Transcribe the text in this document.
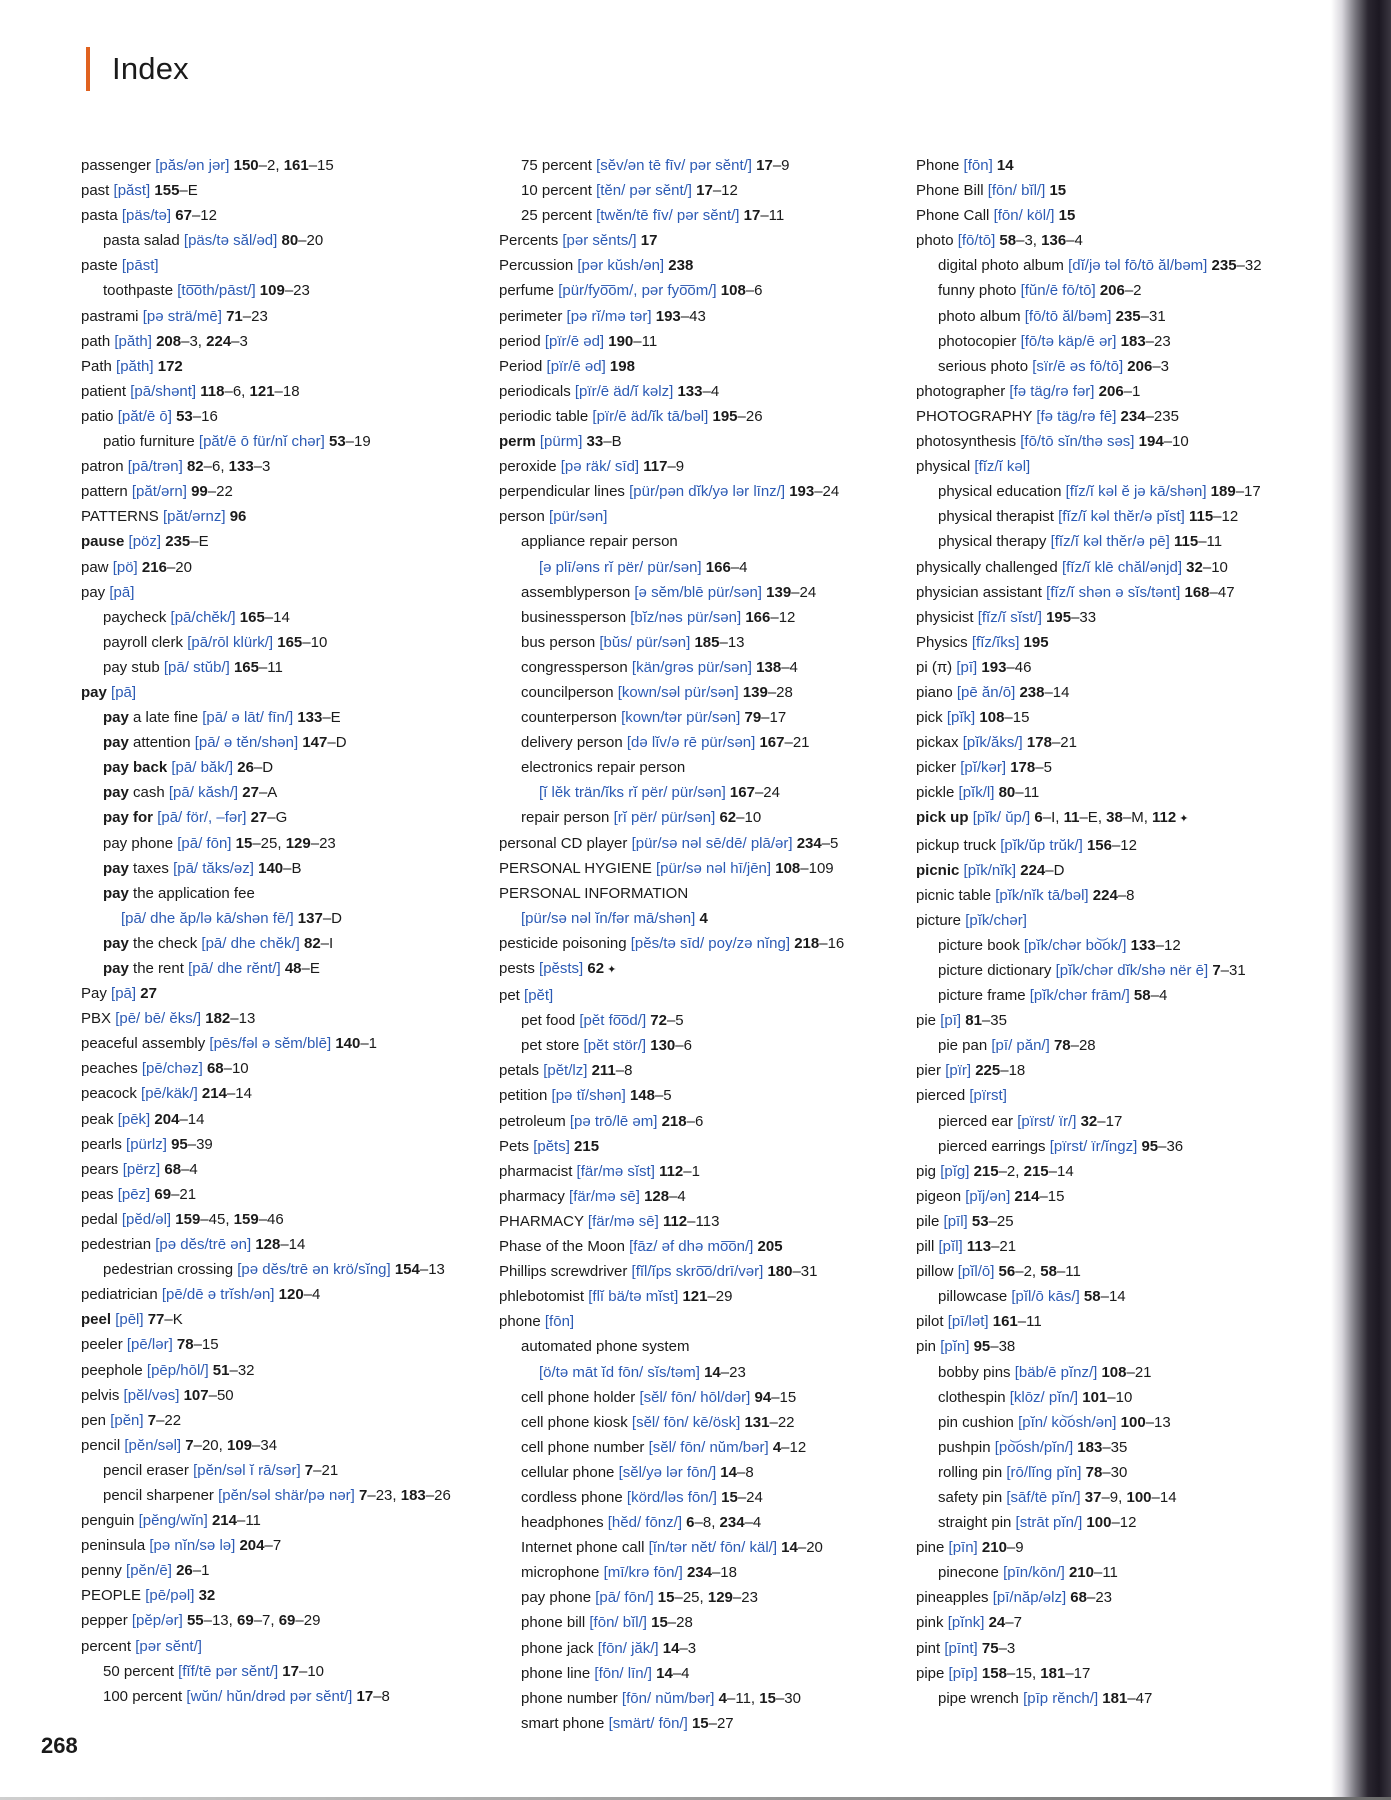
Index
passenger [păs/ən jər] 150–2, 161–15
past [păst] 155–E
pasta [päs/tə] 67–12
pasta salad [päs/tə săl/əd] 80–20
paste [pāst]
toothpaste [to͞oth/pāst/] 109–23
pastrami [pə strä/mē] 71–23
path [păth] 208–3, 224–3
Path [păth] 172
patient [pā/shənt] 118–6, 121–18
patio [păt/ē ō] 53–16
patio furniture [păt/ē ō für/nĭ chər] 53–19
patron [pā/trən] 82–6, 133–3
pattern [păt/ərn] 99–22
PATTERNS [păt/ərnz] 96
pause [pöz] 235–E
paw [pö] 216–20
pay [pā]
paycheck [pā/chĕk/] 165–14
payroll clerk [pā/rōl klürk/] 165–10
pay stub [pā/ stŭb/] 165–11
pay [pā]
pay a late fine [pā/ ə lāt/ fīn/] 133–E
pay attention [pā/ ə tĕn/shən] 147–D
pay back [pā/ băk/] 26–D
pay cash [pā/ kăsh/] 27–A
pay for [pā/ för/, –fər] 27–G
pay phone [pā/ fōn] 15–25, 129–23
pay taxes [pā/ tăks/əz] 140–B
pay the application fee
[pā/ dhe ăp/lə kā/shən fē/] 137–D
pay the check [pā/ dhe chĕk/] 82–I
pay the rent [pā/ dhe rĕnt/] 48–E
Pay [pā] 27
PBX [pē/ bē/ ĕks/] 182–13
peaceful assembly [pēs/fəl ə sĕm/blē] 140–1
peaches [pē/chəz] 68–10
peacock [pē/käk/] 214–14
peak [pēk] 204–14
pearls [pürlz] 95–39
pears [përz] 68–4
peas [pēz] 69–21
pedal [pĕd/əl] 159–45, 159–46
pedestrian [pə dĕs/trē ən] 128–14
pedestrian crossing [pə dĕs/trē ən krö/sĭng] 154–13
pediatrician [pē/dē ə trĭsh/ən] 120–4
peel [pēl] 77–K
peeler [pē/lər] 78–15
peephole [pēp/hōl/] 51–32
pelvis [pĕl/vəs] 107–50
pen [pĕn] 7–22
pencil [pĕn/səl] 7–20, 109–34
pencil eraser [pĕn/səl ĭ rā/sər] 7–21
pencil sharpener [pĕn/səl shär/pə nər] 7–23, 183–26
penguin [pĕng/wĭn] 214–11
peninsula [pə nĭn/sə lə] 204–7
penny [pĕn/ē] 26–1
PEOPLE [pē/pəl] 32
pepper [pĕp/ər] 55–13, 69–7, 69–29
percent [pər sĕnt/]
50 percent [fĭf/tē pər sĕnt/] 17–10
100 percent [wŭn/ hŭn/drəd pər sĕnt/] 17–8
75 percent [sĕv/ən tē fīv/ pər sĕnt/] 17–9
10 percent [tĕn/ pər sĕnt/] 17–12
25 percent [twĕn/tē fīv/ pər sĕnt/] 17–11
Percents [pər sĕnts/] 17
Percussion [pər kŭsh/ən] 238
perfume [pür/fyo͞om/, pər fyo͞om/] 108–6
perimeter [pə rĭ/mə tər] 193–43
period [pïr/ē əd] 190–11
Period [pïr/ē əd] 198
periodicals [pïr/ē äd/ĭ kəlz] 133–4
periodic table [pïr/ē äd/ĭk tā/bəl] 195–26
perm [pürm] 33–B
peroxide [pə räk/ sīd] 117–9
perpendicular lines [pür/pən dĭk/yə lər līnz/] 193–24
person [pür/sən]
appliance repair person
[ə plī/əns rĭ për/ pür/sən] 166–4
assemblyperson [ə sĕm/blē pür/sən] 139–24
businessperson [bĭz/nəs pür/sən] 166–12
bus person [bŭs/ pür/sən] 185–13
congressperson [kän/grəs pür/sən] 138–4
councilperson [kown/səl pür/sən] 139–28
counterperson [kown/tər pür/sən] 79–17
delivery person [də lĭv/ə rē pür/sən] 167–21
electronics repair person
[ĭ lĕk trän/ĭks rĭ për/ pür/sən] 167–24
repair person [rĭ për/ pür/sən] 62–10
personal CD player [pür/sə nəl sē/dē/ plā/ər] 234–5
PERSONAL HYGIENE [pür/sə nəl hī/jēn] 108–109
PERSONAL INFORMATION
[pür/sə nəl ĭn/fər mā/shən] 4
pesticide poisoning [pĕs/tə sīd/ poy/zə nĭng] 218–16
pests [pĕsts] 62 ✦
pet [pĕt]
pet food [pĕt fo͞od/] 72–5
pet store [pĕt stör/] 130–6
petals [pĕt/lz] 211–8
petition [pə tĭ/shən] 148–5
petroleum [pə trō/lē əm] 218–6
Pets [pĕts] 215
pharmacist [fär/mə sĭst] 112–1
pharmacy [fär/mə sē] 128–4
PHARMACY [fär/mə sē] 112–113
Phase of the Moon [fāz/ əf dhə mo͞on/] 205
Phillips screwdriver [fĭl/ĭps skro͞o/drī/vər] 180–31
phlebotomist [flĭ bä/tə mĭst] 121–29
phone [fōn]
automated phone system
[ö/tə māt ĭd fōn/ sĭs/təm] 14–23
cell phone holder [sĕl/ fōn/ hōl/dər] 94–15
cell phone kiosk [sĕl/ fōn/ kē/ösk] 131–22
cell phone number [sĕl/ fōn/ nŭm/bər] 4–12
cellular phone [sĕl/yə lər fōn/] 14–8
cordless phone [körd/ləs fōn/] 15–24
headphones [hĕd/ fōnz/] 6–8, 234–4
Internet phone call [ĭn/tər nĕt/ fōn/ käl/] 14–20
microphone [mī/krə fōn/] 234–18
pay phone [pā/ fōn/] 15–25, 129–23
phone bill [fōn/ bĭl/] 15–28
phone jack [fōn/ jăk/] 14–3
phone line [fōn/ līn/] 14–4
phone number [fōn/ nŭm/bər] 4–11, 15–30
smart phone [smärt/ fōn/] 15–27
Phone [fōn] 14
Phone Bill [fōn/ bĭl/] 15
Phone Call [fōn/ köl/] 15
photo [fō/tō] 58–3, 136–4
digital photo album [dĭ/jə təl fō/tō ăl/bəm] 235–32
funny photo [fŭn/ē fō/tō] 206–2
photo album [fō/tō ăl/bəm] 235–31
photocopier [fō/tə käp/ē ər] 183–23
serious photo [sïr/ē əs fō/tō] 206–3
photographer [fə täg/rə fər] 206–1
PHOTOGRAPHY [fə täg/rə fē] 234–235
photosynthesis [fō/tō sĭn/thə səs] 194–10
physical [fĭz/ĭ kəl]
physical education [fĭz/ĭ kəl ĕ jə kā/shən] 189–17
physical therapist [fĭz/ĭ kəl thĕr/ə pĭst] 115–12
physical therapy [fĭz/ĭ kəl thĕr/ə pē] 115–11
physically challenged [fĭz/ĭ klē chăl/ənjd] 32–10
physician assistant [fĭz/ĭ shən ə sĭs/tənt] 168–47
physicist [fĭz/ĭ sĭst/] 195–33
Physics [fĭz/ĭks] 195
pi (π) [pī] 193–46
piano [pē ăn/ō] 238–14
pick [pĭk] 108–15
pickax [pĭk/ăks/] 178–21
picker [pĭ/kər] 178–5
pickle [pĭk/l] 80–11
pick up [pĭk/ ŭp/] 6–I, 11–E, 38–M, 112 ✦
pickup truck [pĭk/ŭp trŭk/] 156–12
picnic [pĭk/nĭk] 224–D
picnic table [pĭk/nĭk tā/bəl] 224–8
picture [pĭk/chər]
picture book [pĭk/chər bo͝ok/] 133–12
picture dictionary [pĭk/chər dĭk/shə nër ē] 7–31
picture frame [pĭk/chər frām/] 58–4
pie [pī] 81–35
pie pan [pī/ păn/] 78–28
pier [pïr] 225–18
pierced [pïrst]
pierced ear [pïrst/ ïr/] 32–17
pierced earrings [pïrst/ ïr/ĭngz] 95–36
pig [pĭg] 215–2, 215–14
pigeon [pĭj/ən] 214–15
pile [pīl] 53–25
pill [pĭl] 113–21
pillow [pĭl/ō] 56–2, 58–11
pillowcase [pĭl/ō kās/] 58–14
pilot [pī/lət] 161–11
pin [pĭn] 95–38
bobby pins [bäb/ē pĭnz/] 108–21
clothespin [klōz/ pĭn/] 101–10
pin cushion [pĭn/ ko͝osh/ən] 100–13
pushpin [po͝osh/pĭn/] 183–35
rolling pin [rō/lĭng pĭn] 78–30
safety pin [sāf/tē pĭn/] 37–9, 100–14
straight pin [strāt pĭn/] 100–12
pine [pīn] 210–9
pinecone [pīn/kōn/] 210–11
pineapples [pī/năp/əlz] 68–23
pink [pĭnk] 24–7
pint [pīnt] 75–3
pipe [pīp] 158–15, 181–17
pipe wrench [pīp rĕnch/] 181–47
268
